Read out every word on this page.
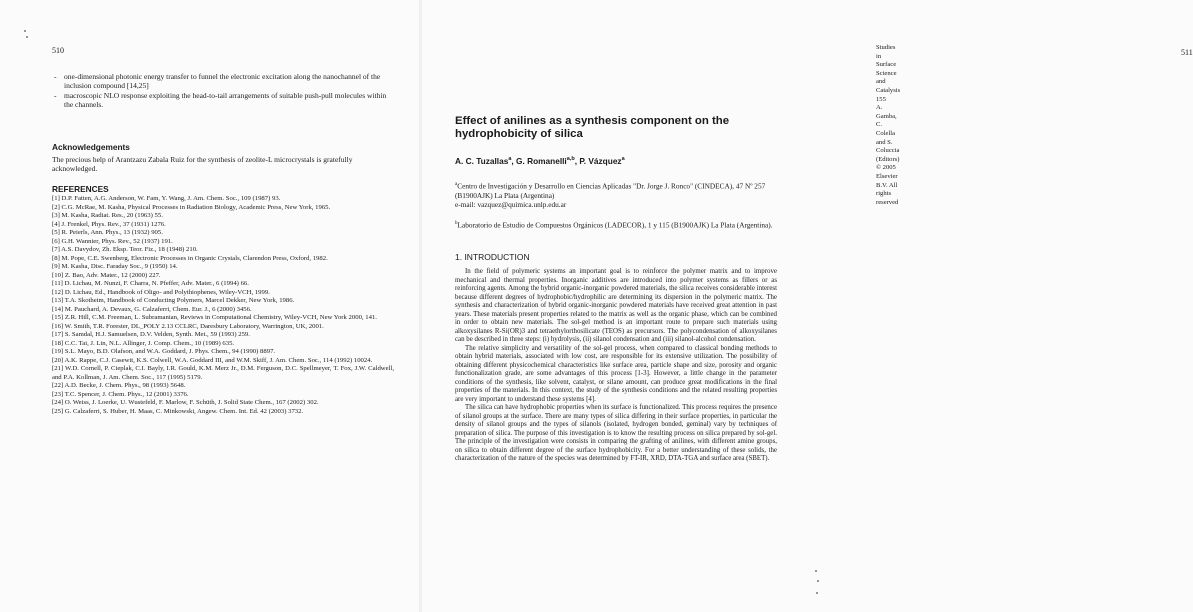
510
- one-dimensional photonic energy transfer to funnel the electronic excitation along the nanochannel of the inclusion compound [14,25]
- macroscopic NLO response exploiting the head-to-tail arrangements of suitable push-pull molecules within the channels.
Acknowledgements
The precious help of Arantzazu Zabala Ruiz for the synthesis of zeolite-L microcrystals is gratefully acknowledged.
REFERENCES
[1] D.P. Fatten, A.G. Anderson, W. Fam, Y. Wang, J. Am. Chem. Soc., 109 (1987) 93.
[2] C.G. McRae, M. Kasha, Physical Processes in Radiation Biology, Academic Press, New York, 1965.
[3] M. Kasha, Radiat. Res., 20 (1963) 55.
[4] J. Frenkel, Phys. Rev., 37 (1931) 1276.
[5] R. Peierls, Ann. Phys., 13 (1932) 905.
[6] G.H. Wannier, Phys. Rev., 52 (1937) 191.
[7] A.S. Davydov, Zh. Eksp. Teor. Fiz., 18 (1948) 210.
[8] M. Pope, C.E. Swenberg, Electronic Processes in Organic Crystals, Clarendon Press, Oxford, 1982.
[9] M. Kasha, Disc. Faraday Soc., 9 (1950) 14.
[10] Z. Bao, Adv. Mater., 12 (2000) 227.
[11] D. Lichau, M. Nunzi, F. Charra, N. Pfeffer, Adv. Mater., 6 (1994) 66.
[12] D. Lichau, Ed., Handbook of Oligo- and Polythiophenes, Wiley-VCH, 1999.
[13] T.A. Skotheim, Handbook of Conducting Polymers, Marcel Dekker, New York, 1986.
[14] M. Pauchard, A. Devaux, G. Calzaferri, Chem. Eur. J., 6 (2000) 3456.
[15] Z.R. Hill, C.M. Freeman, L. Subramanian, Reviews in Computational Chemistry, Wiley-VCH, New York 2000, 141.
[16] W. Smith, T.R. Forester, DL_POLY 2.13 CCLRC, Daresbury Laboratory, Warrington, UK, 2001.
[17] S. Samdal, H.J. Samuelsen, D.V. Velden, Synth. Met., 59 (1993) 259.
[18] C.C. Tai, J. Lin, N.L. Allinger, J. Comp. Chem., 10 (1989) 635.
[19] S.L. Mayo, B.D. Olafson, and W.A. Goddard, J. Phys. Chem., 94 (1990) 8897.
[20] A.K. Rappe, C.J. Casewit, K.S. Colwell, W.A. Goddard III, and W.M. Skiff, J. Am. Chem. Soc., 114 (1992) 10024.
[21] W.D. Cornell, P. Cieplak, C.I. Bayly, I.R. Gould, K.M. Merz Jr., D.M. Ferguson, D.C. Spellmeyer, T. Fox, J.W. Caldwell, and P.A. Kollman, J. Am. Chem. Soc., 117 (1995) 5179.
[22] A.D. Becke, J. Chem. Phys., 98 (1993) 5648.
[23] T.C. Spencer, J. Chem. Phys., 12 (2001) 3376.
[24] O. Weiss, J. Loerke, U. Wustefeld, F. Marlow, F. Schüth, J. Solid State Chem., 167 (2002) 302.
[25] G. Calzaferri, S. Huber, H. Maas, C. Minkowski, Angew. Chem. Int. Ed. 42 (2003) 3732.
Studies in Surface Science and Catalysis 155
A. Gamba, C. Colella and S. Coluccia (Editors)
© 2005 Elsevier B.V. All rights reserved
511
Effect of anilines as a synthesis component on the hydrophobicity of silica
A. C. Tuzallas$^a$, G. Romanelli$^{a,b}$, P. Vázquez$^a$
$^a$Centro de Investigación y Desarrollo en Ciencias Aplicadas "Dr. Jorge J. Ronco" (CINDECA), 47 Nº 257 (B1900AJK) La Plata (Argentina)
e-mail: vazquez@quimica.unlp.edu.ar
$^b$Laboratorio de Estudio de Compuestos Orgánicos (LADECOR), 1 y 115 (B1900AJK) La Plata (Argentina).
1. INTRODUCTION

In the field of polymeric systems an important goal is to reinforce the polymer matrix and to improve mechanical and thermal properties. Inorganic additives are introduced into polymer systems as fillers or as reinforcing agents. Among the hybrid organic-inorganic powdered materials, the silica receives considerable interest because different degrees of hydrophobic/hydrophilic are determining its dispersion in the polymeric matrix. The synthesis and characterization of hybrid organic-inorganic powdered materials have received great attention in past years. These materials present properties related to the matrix as well as the organic phase, which can be combined in order to obtain new materials. The sol-gel method is an important route to prepare such materials using alkoxysilanes R-Si(OR)3 and tetraethylorthosilicate (TEOS) as precursors. The polycondensation of alkoxysilanes can be described in three steps: (i) hydrolysis, (ii) silanol condensation and (iii) silanol-alcohol condensation.

The relative simplicity and versatility of the sol-gel process, when compared to classical bonding methods to obtain hybrid materials, associated with low cost, are responsible for its extensive utilization. The possibility of obtaining different physicochemical characteristics like surface area, particle shape and size, porosity and organic functionalization grade, are some advantages of this process [1-3]. However, a little change in the parameter conditions of the synthesis, like solvent, catalyst, or silane amount, can produce great modifications in the final properties of the materials. In this context, the study of the synthesis conditions and the related resulting properties are very important to understand these systems [4].

The silica can have hydrophobic properties when its surface is functionalized. This process requires the presence of silanol groups at the surface. There are many types of silica differing in their surface properties, in particular the density of silanol groups and the types of silanols (isolated, hydrogen bonded, geminal) vary by techniques of preparation of silica. The purpose of this investigation is to know the resulting process on silica prepared by sol-gel. The principle of the investigation were consists in comparing the grafting of anilines, with different amine groups, on silica to obtain different degree of the surface hydrophobicity. For a better understanding of these solids, the characterization of the nature of the species was determined by FT-IR, XRD, DTA-TGA and surface area (SBET).
